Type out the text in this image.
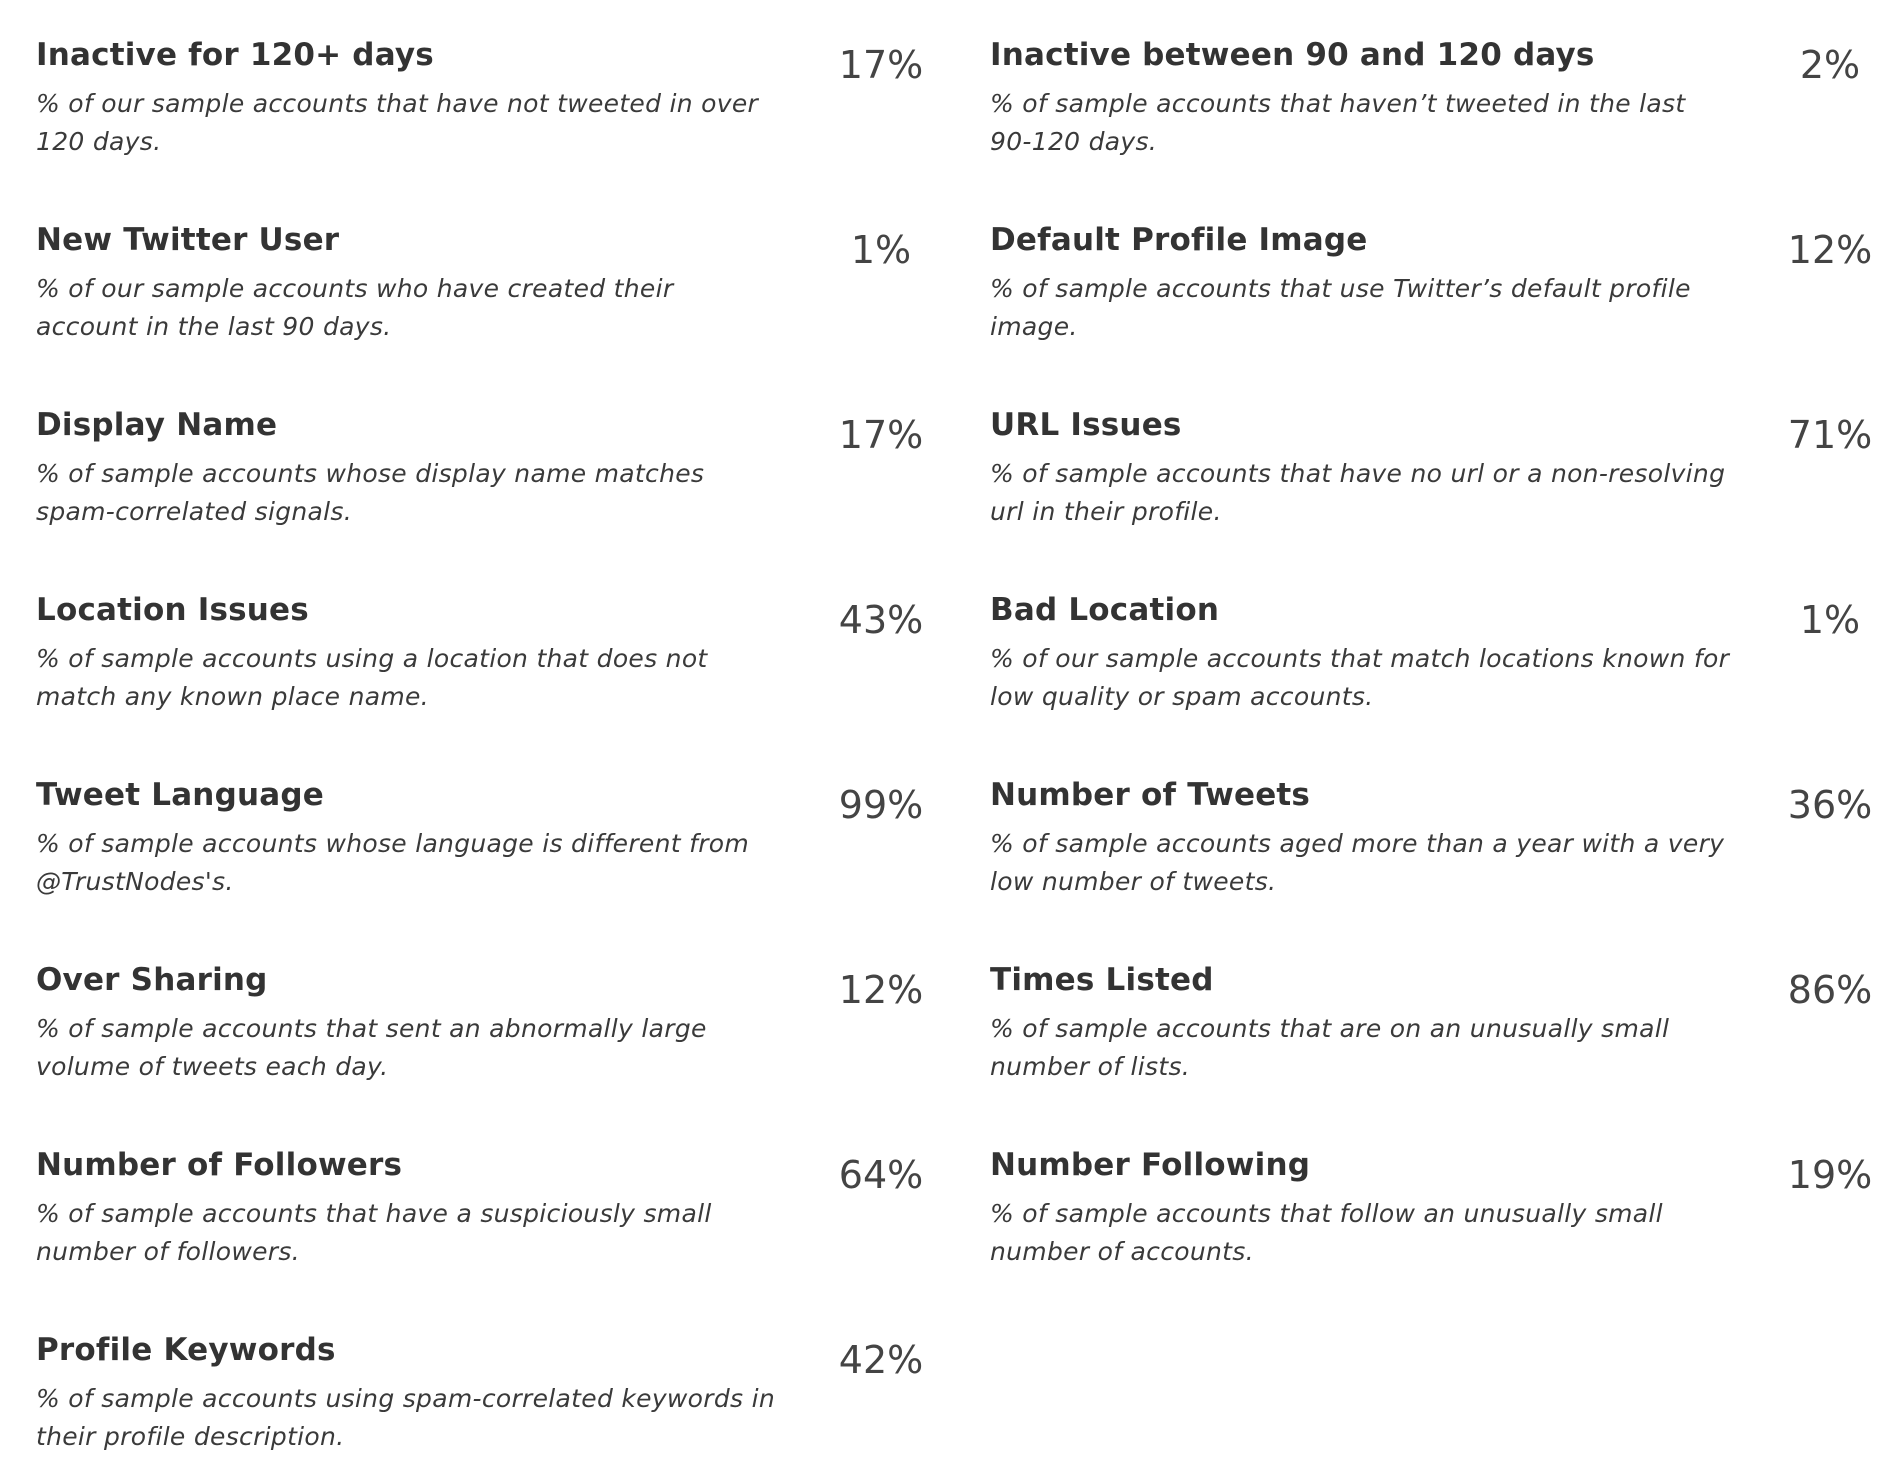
Inactive for 120+ days
% of our sample accounts that have not tweeted in over 120 days.
17%	Inactive between 90 and 120 days
% of sample accounts that haven’t tweeted in the last 90-120 days.
2%
New Twitter User
% of our sample accounts who have created their account in the last 90 days.
1%	Default Profile Image
% of sample accounts that use Twitter’s default profile image.
12%
Display Name
% of sample accounts whose display name matches spam-correlated signals.
17%	URL Issues
% of sample accounts that have no url or a non-resolving url in their profile.
71%
Location Issues
% of sample accounts using a location that does not match any known place name.
43%	Bad Location
% of our sample accounts that match locations known for low quality or spam accounts.
1%
Tweet Language
% of sample accounts whose language is different from @TrustNodes's.
99%	Number of Tweets
% of sample accounts aged more than a year with a very low number of tweets.
36%
Over Sharing
% of sample accounts that sent an abnormally large volume of tweets each day.
12%	Times Listed
% of sample accounts that are on an unusually small number of lists.
86%
Number of Followers
% of sample accounts that have a suspiciously small number of followers.
64%	Number Following
% of sample accounts that follow an unusually small number of accounts.
19%
Profile Keywords
% of sample accounts using spam-correlated keywords in their profile description.
42%
